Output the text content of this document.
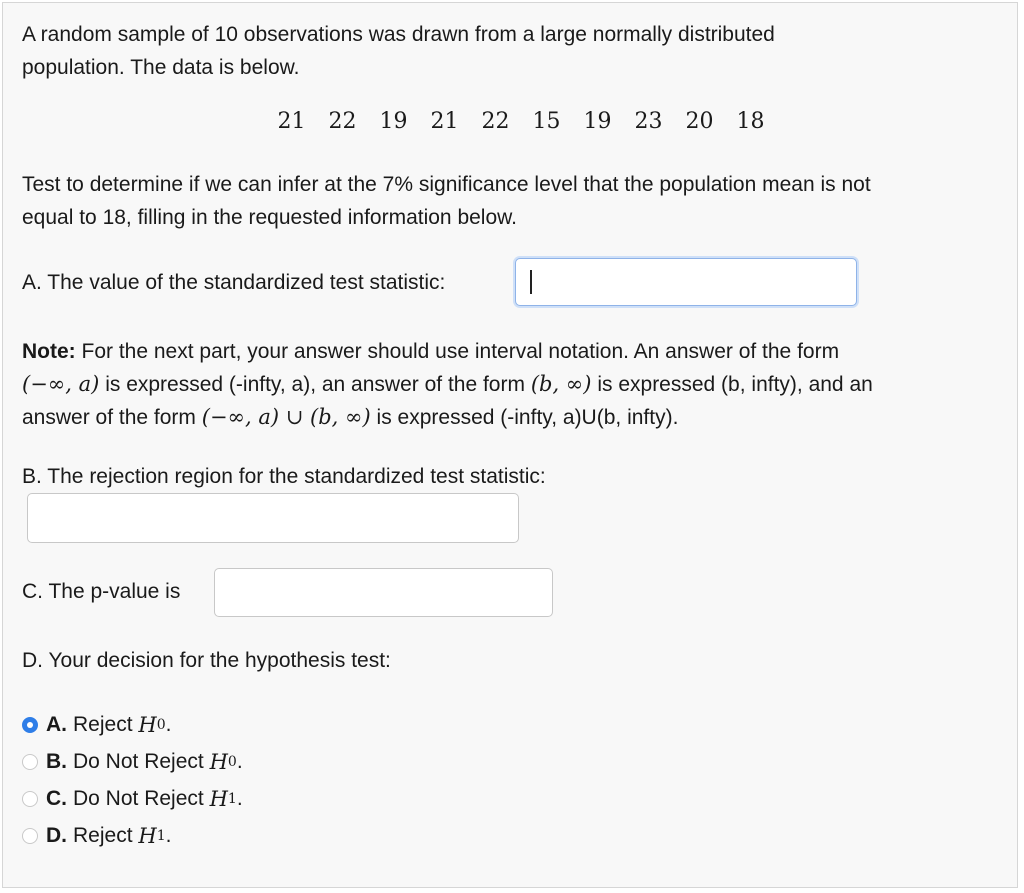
A random sample of 10 observations was drawn from a large normally distributed

population. The data is below.

21 22 19 21 22 15 19 23 20 18

Test to determine if we can infer at the 7% significance level that the population mean is not

equal to 18, filling in the requested information below.

A. The value of the standardized test statistic:

Note: For the next part, your answer should use interval notation. An answer of the form

(−∞, a) is expressed (-infty, a), an answer of the form (b, ∞) is expressed (b, infty), and an

answer of the form (−∞, a) ∪ (b, ∞) is expressed (-infty, a)U(b, infty).

B. The rejection region for the standardized test statistic:

C. The p-value is

D. Your decision for the hypothesis test:

A. Reject H 0 .
B. Do Not Reject H 0 .
C. Do Not Reject H 1 .
D. Reject H 1 .
